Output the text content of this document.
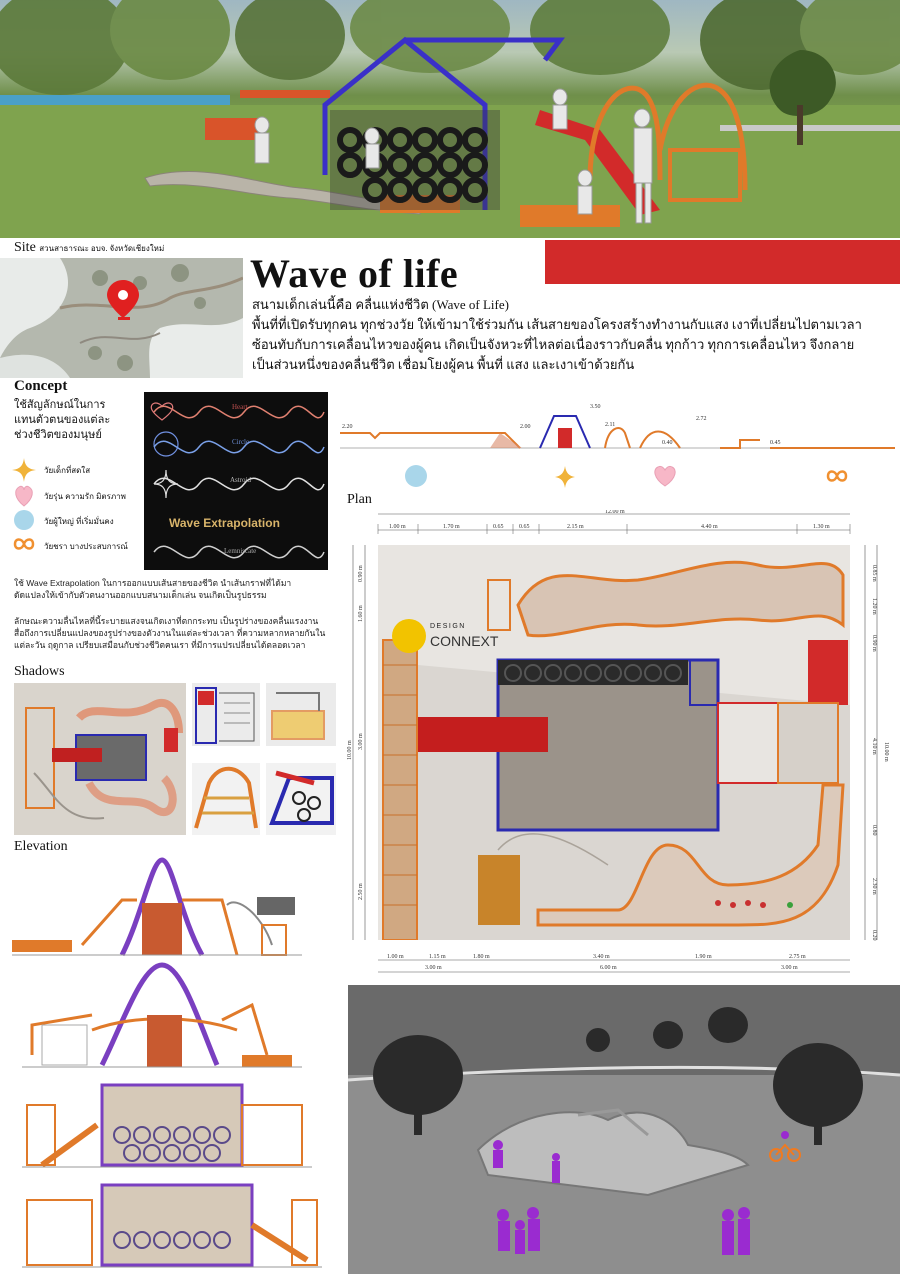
Site สวนสาธารณะ อบจ. จังหวัดเชียงใหม่
Wave of life
สนามเด็กเล่นนี้คือ คลื่นแห่งชีวิต (Wave of Life)
พื้นที่ที่เปิดรับทุกคน ทุกช่วงวัย ให้เข้ามาใช้ร่วมกัน เส้นสายของโครงสร้างทำงานกับแสง เงาที่เปลี่ยนไปตามเวลา
ซ้อนทับกับการเคลื่อนไหวของผู้คน เกิดเป็นจังหวะที่ไหลต่อเนื่องราวกับคลื่น ทุกก้าว ทุกการเคลื่อนไหว จึงกลาย
เป็นส่วนหนึ่งของคลื่นชีวิต เชื่อมโยงผู้คน พื้นที่ แสง และเงาเข้าด้วยกัน
Concept
ใช้สัญลักษณ์ในการ
แทนตัวตนของแต่ละ
ช่วงชีวิตของมนุษย์
วัยเด็กที่สดใส
วัยรุ่น ความรัก มิตรภาพ
วัยผู้ใหญ่ ที่เริ่มมั่นคง
วัยชรา บางประสบการณ์
Heart
Circle
Astroid
Wave Extrapolation
Lemniscate
ใช้ Wave Extrapolation ในการออกแบบเส้นสายของชีวิต นำเส้นกราฟที่ได้มา
ดัดแปลงให้เข้ากับตัวตนงานออกแบบสนามเด็กเล่น จนเกิดเป็นรูปธรรม
ลักษณะความลื่นไหลที่นี้ระบายแสงจนเกิดเงาที่ตกกระทบ เป็นรูปร่างของคลื่นแรงงาน
สื่อถึงการเปลี่ยนแปลงของรูปร่างของตัวงานในแต่ละช่วงเวลา ที่ความหลากหลายกันใน
แต่ละวัน ฤดูกาล เปรียบเสมือนกับช่วงชีวิตคนเรา ที่มีการแปรเปลี่ยนได้ตลอดเวลา
Shadows
Elevation
2.20	2.00
3.50
2.11
2.72
0.40	0.45
Plan
12.00 m
1.00 m	1.70 m	0.65	0.65	2.15 m	4.40 m	1.30 m
1.00 m	1.15 m	1.80 m	3.40 m	1.90 m	2.75 m
3.00 m	6.00 m	3.00 m
0.90 m
1.60 m
3.00 m
2.50 m
10.00 m
0.85 m
1.20 m
0.90 m
4.10 m
0.80
2.30 m
0.20
10.00 m
DESIGN
CONNEXT
